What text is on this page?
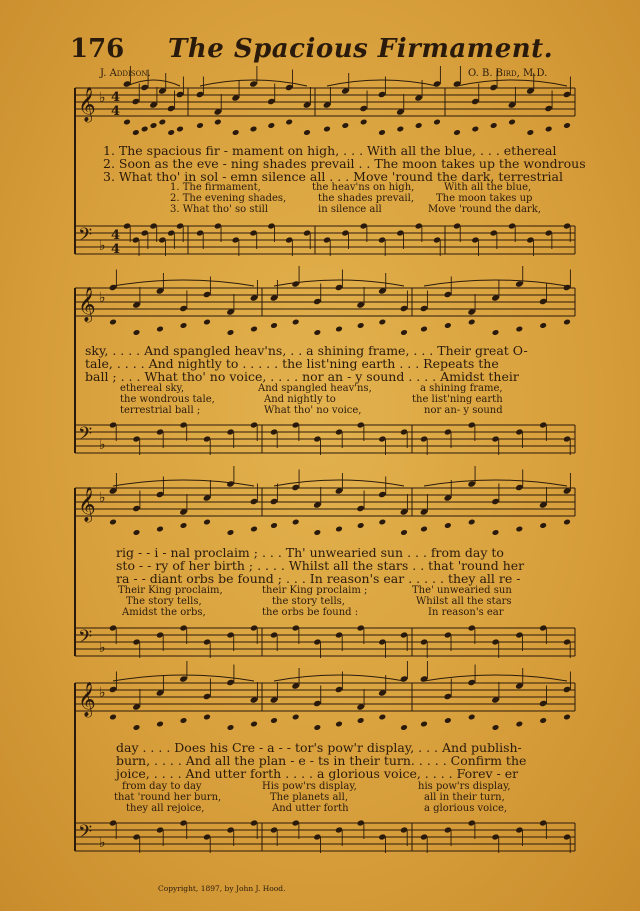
𝄞 ♭ 4
4
𝄢 ♭
4
4
𝄞 ♭
𝄢 ♭
𝄞 ♭
𝄢 ♭
𝄞 ♭
𝄢 ♭
176 The Spacious Firmament.
J. Addison.	O. B. Bird, M.D.
1. The spacious fir - mament on high, . . . With all the blue, . . . ethereal
2. Soon as the eve - ning shades prevail . . The moon takes up the wondrous
3. What tho' in sol - emn silence all . . . Move 'round the dark, terrestrial
1. The firmament,
2. The evening shades,
3. What tho' so still
the heav'ns on high,
the shades prevail,
in silence all
With all the blue,
The moon takes up
Move 'round the dark,
sky, . . . . And spangled heav'ns, . . a shining frame, . . . Their great O-
tale, . . . . And nightly to . . . . . the list'ning earth . . . Repeats the
ball ; . . . What tho' no voice, . . . . nor an - y sound . . . . Amidst their
ethereal sky,
the wondrous tale,
terrestrial ball ;
And spangled heav'ns,
And nightly to
What tho' no voice,
a shining frame,
the list'ning earth
nor an- y sound
rig - - i - nal proclaim ; . . . Th' unwearied sun . . . from day to
sto - - ry of her birth ; . . . . Whilst all the stars . . that 'round her
ra - - diant orbs be found ; . . . In reason's ear . . . . . they all re -
Their King proclaim,
The story tells,
Amidst the orbs,
their King proclaim ;
the story tells,
the orbs be found :
The' unwearied sun
Whilst all the stars
In reason's ear
day . . . . Does his Cre - a - - tor's pow'r display, . . . And publish-
burn, . . . . And all the plan - e - ts in their turn. . . . . Confirm the
joice, . . . . And utter forth . . . . a glorious voice, . . . . Forev - er
from day to day
that 'round her burn,
they all rejoice,
His pow'rs display,
The planets all,
And utter forth
his pow'rs display,
all in their turn,
a glorious voice,
Copyright, 1897, by John J. Hood.
